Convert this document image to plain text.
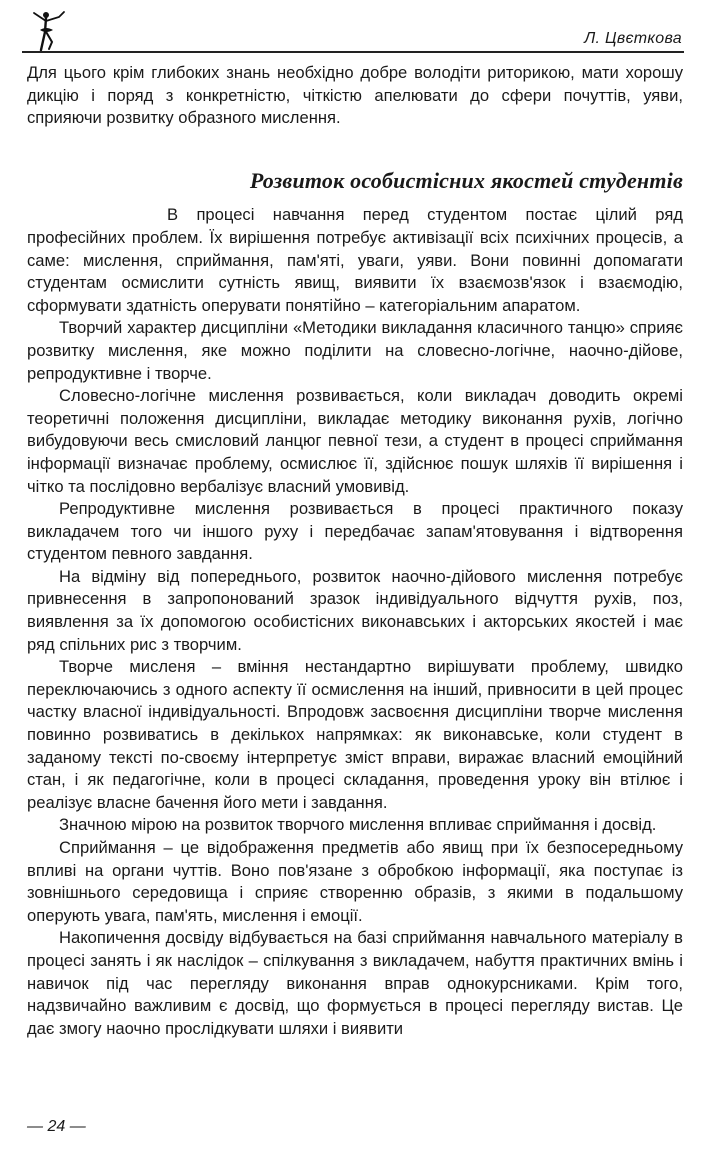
Л. Цвєткова

Для цього крім глибоких знань необхідно добре володіти риторикою, мати хорошу дикцію і поряд з конкретністю, чіткістю апелювати до сфери почуттів, уяви, сприяючи розвитку образного мислення.

Розвиток особистісних якостей студентів

В процесі навчання перед студентом постає цілий ряд професійних проблем. Їх вирішення потребує активізації всіх психічних процесів, а саме: мислення, сприймання, пам'яті, уваги, уяви. Вони повинні допомагати студентам осмислити сутність явищ, виявити їх взаємозв'язок і взаємодію, сформувати здатність оперувати понятійно – категоріальним апаратом.

Творчий характер дисципліни «Методики викладання класичного танцю» сприяє розвитку мислення, яке можно поділити на словесно-логічне, наочно-дійове, репродуктивне і творче.

Словесно-логічне мислення розвивається, коли викладач доводить окремі теоретичні положення дисципліни, викладає методику виконання рухів, логічно вибудовуючи весь смисловий ланцюг певної тези, а студент в процесі сприймання інформації визначає проблему, осмислює її, здійснює пошук шляхів її вирішення і чітко та послідовно вербалізує власний умовивід.

Репродуктивне мислення розвивається в процесі практичного показу викладачем того чи іншого руху і передбачає запам'ятовування і відтворення студентом певного завдання.

На відміну від попереднього, розвиток наочно-дійового мислення потребує привнесення в запропонований зразок індивідуального відчуття рухів, поз, виявлення за їх допомогою особистісних виконавських і акторських якостей і має ряд спільних рис з творчим.

Творче мисленя – вміння нестандартно вирішувати проблему, швидко переключаючись з одного аспекту її осмислення на інший, привносити в цей процес частку власної індивідуальності. Впродовж засвоєння дисципліни творче мислення повинно розвиватись в декількох напрямках: як виконавське, коли студент в заданому тексті по-своєму інтерпретує зміст вправи, виражає власний емоційний стан, і як педагогічне, коли в процесі складання, проведення уроку він втілює і реалізує власне бачення його мети і завдання.

Значною мірою на розвиток творчого мислення впливає сприймання і досвід.

Сприймання – це відображення предметів або явищ при їх безпосередньому впливі на органи чуттів. Воно пов'язане з обробкою інформації, яка поступає із зовнішнього середовища і сприяє створенню образів, з якими в подальшому оперують увага, пам'ять, мислення і емоції.

Накопичення досвіду відбувається на базі сприймання навчального матеріалу в процесі занять і як наслідок – спілкування з викладачем, набуття практичних вмінь і навичок під час перегляду виконання вправ однокурсниками. Крім того, надзвичайно важливим є досвід, що формується в процесі перегляду вистав. Це дає змогу наочно прослідкувати шляхи і виявити

— 24 —
